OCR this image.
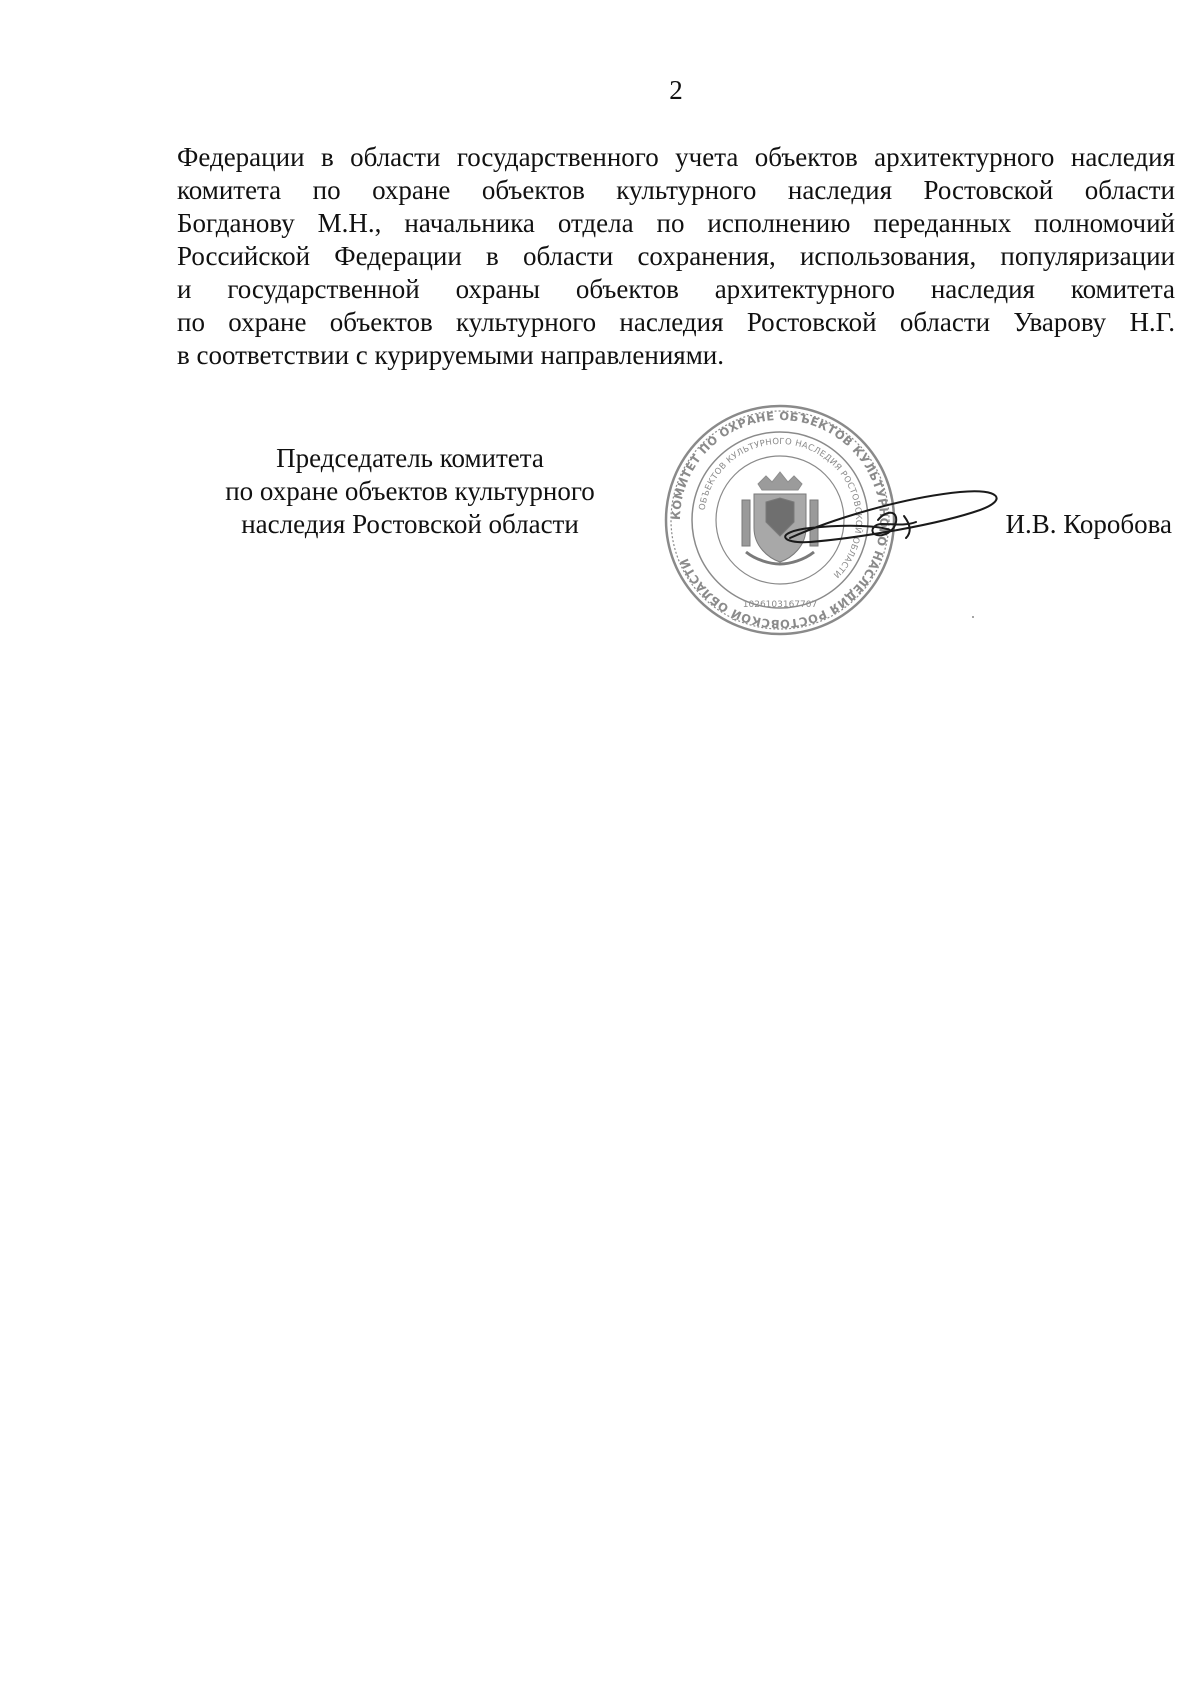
2

Федерации в области государственного учета объектов архитектурного наследия
комитета по охране объектов культурного наследия Ростовской области
Богданову М.Н., начальника отдела по исполнению переданных полномочий
Российской Федерации в области сохранения, использования, популяризации
и государственной охраны объектов архитектурного наследия комитета
по охране объектов культурного наследия Ростовской области Уварову Н.Г.
в соответствии с курируемыми направлениями.

Председатель комитета
по охране объектов культурного
наследия Ростовской области	КОМИТЕТ ПО ОХРАНЕ ОБЪЕКТОВ КУЛЬТУРНОГО НАСЛЕДИЯ РОСТОВСКОЙ ОБЛАСТИ
ОБЪЕКТОВ КУЛЬТУРНОГО НАСЛЕДИЯ РОСТОВСКОЙ ОБЛАСТИ
1026103167707
И.В. Коробова
